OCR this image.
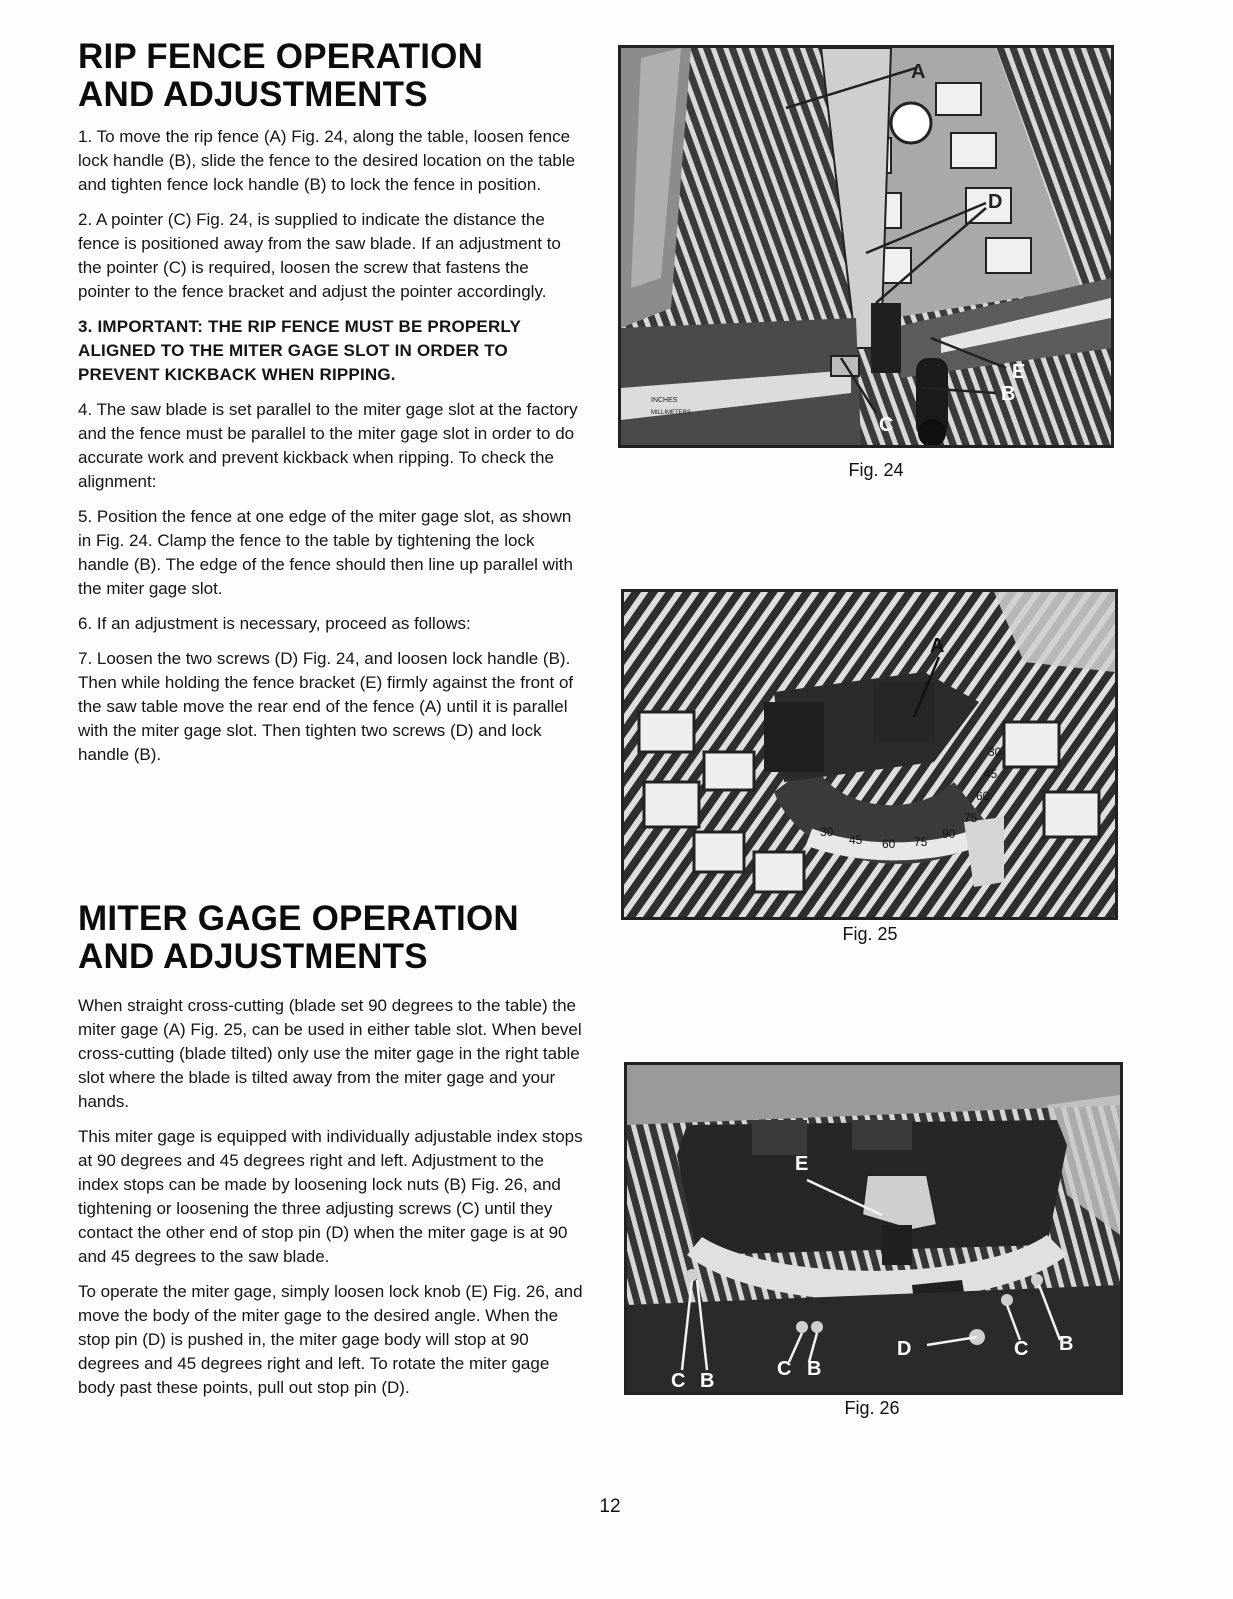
RIP FENCE OPERATION
AND ADJUSTMENTS

1. To move the rip fence (A) Fig. 24, along the table, loosen fence lock handle (B), slide the fence to the desired location on the table and tighten fence lock handle (B) to lock the fence in position.

2. A pointer (C) Fig. 24, is supplied to indicate the distance the fence is positioned away from the saw blade. If an adjustment to the pointer (C) is required, loosen the screw that fastens the pointer to the fence bracket and adjust the pointer accordingly.

3. IMPORTANT: THE RIP FENCE MUST BE PROPERLY ALIGNED TO THE MITER GAGE SLOT IN ORDER TO PREVENT KICKBACK WHEN RIPPING.

4. The saw blade is set parallel to the miter gage slot at the factory and the fence must be parallel to the miter gage slot in order to do accurate work and prevent kickback when ripping. To check the alignment:

5. Position the fence at one edge of the miter gage slot, as shown in Fig. 24. Clamp the fence to the table by tightening the lock handle (B). The edge of the fence should then line up parallel with the miter gage slot.

6. If an adjustment is necessary, proceed as follows:

7. Loosen the two screws (D) Fig. 24, and loosen lock handle (B). Then while holding the fence bracket (E) firmly against the front of the saw table move the rear end of the fence (A) until it is parallel with the miter gage slot. Then tighten two screws (D) and lock handle (B).

MITER GAGE OPERATION
AND ADJUSTMENTS

When straight cross-cutting (blade set 90 degrees to the table) the miter gage (A) Fig. 25, can be used in either table slot. When bevel cross-cutting (blade tilted) only use the miter gage in the right table slot where the blade is tilted away from the miter gage and your hands.

This miter gage is equipped with individually adjustable index stops at 90 degrees and 45 degrees right and left. Adjustment to the index stops can be made by loosening lock nuts (B) Fig. 26, and tightening or loosening the three adjusting screws (C) until they contact the other end of stop pin (D) when the miter gage is at 90 and 45 degrees to the saw blade.

To operate the miter gage, simply loosen lock knob (E) Fig. 26, and move the body of the miter gage to the desired angle. When the stop pin (D) is pushed in, the miter gage body will stop at 90 degrees and 45 degrees right and left. To rotate the miter gage body past these points, pull out stop pin (D).

A
D
E
B
C
INCHES
MILLIMETERS
Fig. 24
30
45 60 75
90
75
60
45
30
A
Fig. 25
E
D
C B
C B
C B
Fig. 26
12
